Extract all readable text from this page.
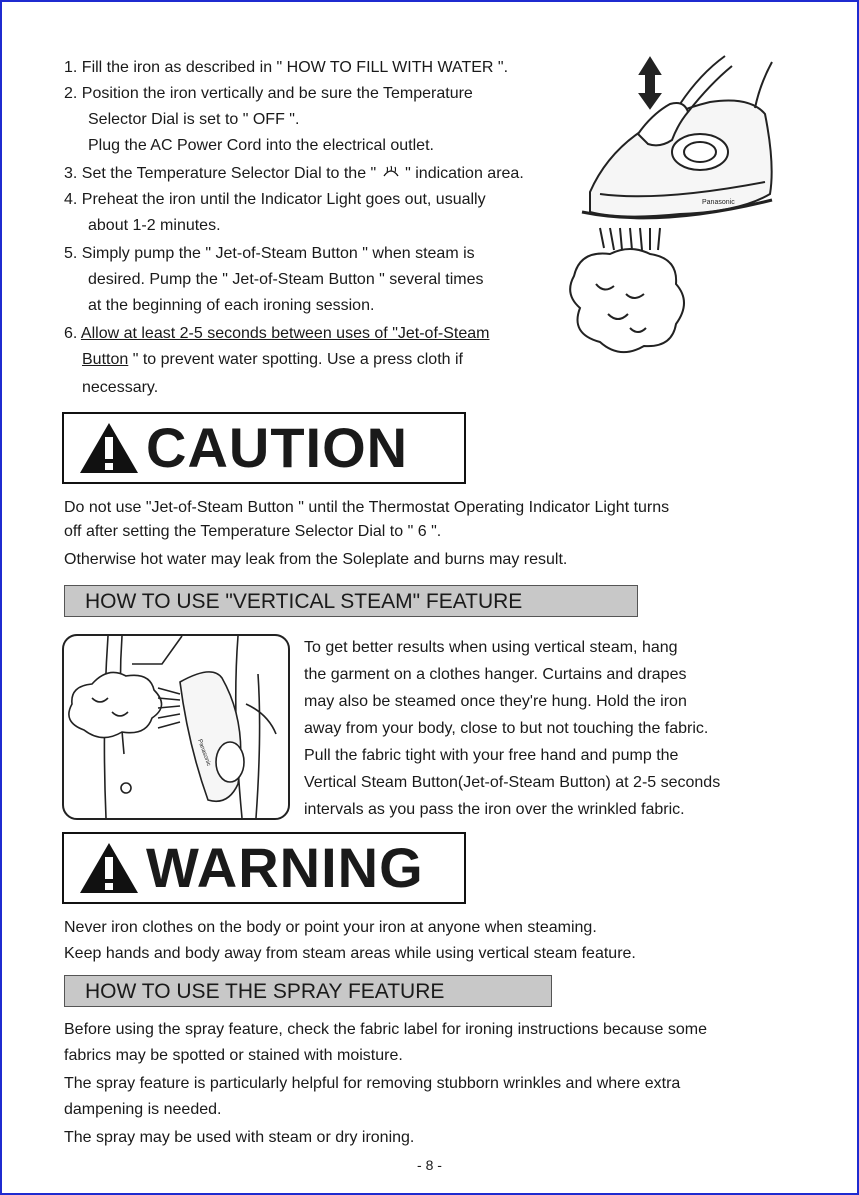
1. Fill the iron as described in " HOW TO FILL WITH WATER ".
2. Position the iron vertically and be sure the Temperature
Selector Dial is set to " OFF ".
Plug the AC Power Cord into the electrical outlet.
3. Set the Temperature Selector Dial to the "  " indication area.
4. Preheat the iron until the Indicator Light goes out, usually
about 1-2 minutes.
5. Simply pump the " Jet-of-Steam Button " when steam is
desired. Pump the " Jet-of-Steam Button " several times
at the beginning of each ironing session.
6. Allow at least 2-5 seconds between uses of "Jet-of-Steam
Button " to prevent water spotting. Use a press cloth if
necessary.
Panasonic
CAUTION
Do not use "Jet-of-Steam Button " until the Thermostat Operating Indicator Light turns
off after setting the Temperature Selector Dial to " 6 ".
Otherwise hot water may leak from the Soleplate and burns may result.
HOW TO USE "VERTICAL STEAM" FEATURE
Panasonic
To get better results when using vertical steam, hang
the garment on a clothes hanger. Curtains and drapes
may also be steamed once they're hung. Hold the iron
away from your body, close to but not touching the fabric.
Pull the fabric tight with your free hand and pump the
Vertical Steam Button(Jet-of-Steam Button) at 2-5 seconds
intervals as you pass the iron over the wrinkled fabric.
WARNING
Never iron clothes on the body or point your iron at anyone when steaming.
Keep hands and body away from steam areas while using vertical steam feature.
HOW TO USE THE SPRAY FEATURE
Before using the spray feature, check the fabric label for ironing instructions because some
fabrics may be spotted or stained with moisture.
The spray feature is particularly helpful for removing stubborn wrinkles and where extra
dampening is needed.
The spray may be used with steam or dry ironing.
- 8 -
